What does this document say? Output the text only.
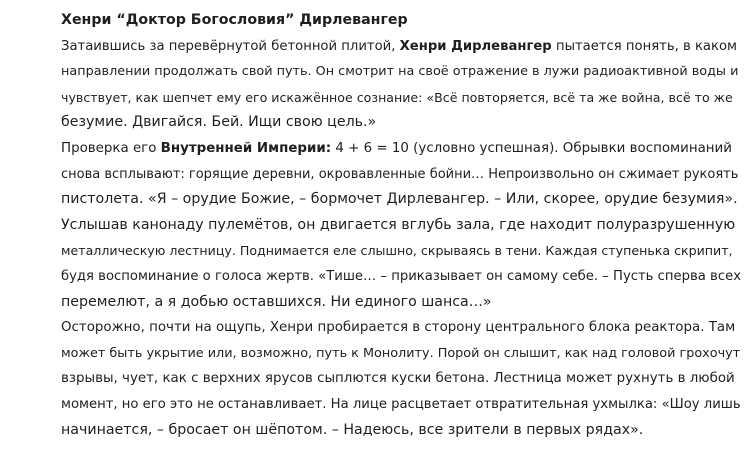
Хенри “Доктор Богословия” Дирлевангер
Затаившись за перевёрнутой бетонной плитой, Хенри Дирлевангер пытается понять, в каком
направлении продолжать свой путь. Он смотрит на своё отражение в лужи радиоактивной воды и
чувствует, как шепчет ему его искажённое сознание: «Всё повторяется, всё та же война, всё то же
безумие. Двигайся. Бей. Ищи свою цель.»
Проверка его Внутренней Империи: 4 + 6 = 10 (условно успешная). Обрывки воспоминаний
снова всплывают: горящие деревни, окровавленные бойни… Непроизвольно он сжимает рукоять
пистолета. «Я – орудие Божие, – бормочет Дирлевангер. – Или, скорее, орудие безумия».
Услышав канонаду пулемётов, он двигается вглубь зала, где находит полуразрушенную
металлическую лестницу. Поднимается еле слышно, скрываясь в тени. Каждая ступенька скрипит,
будя воспоминание о голоса жертв. «Тише… – приказывает он самому себе. – Пусть сперва всех
перемелют, а я добью оставшихся. Ни единого шанса…»
Осторожно, почти на ощупь, Хенри пробирается в сторону центрального блока реактора. Там
может быть укрытие или, возможно, путь к Монолиту. Порой он слышит, как над головой грохочут
взрывы, чует, как с верхних ярусов сыплются куски бетона. Лестница может рухнуть в любой
момент, но его это не останавливает. На лице расцветает отвратительная ухмылка: «Шоу лишь
начинается, – бросает он шёпотом. – Надеюсь, все зрители в первых рядах».
